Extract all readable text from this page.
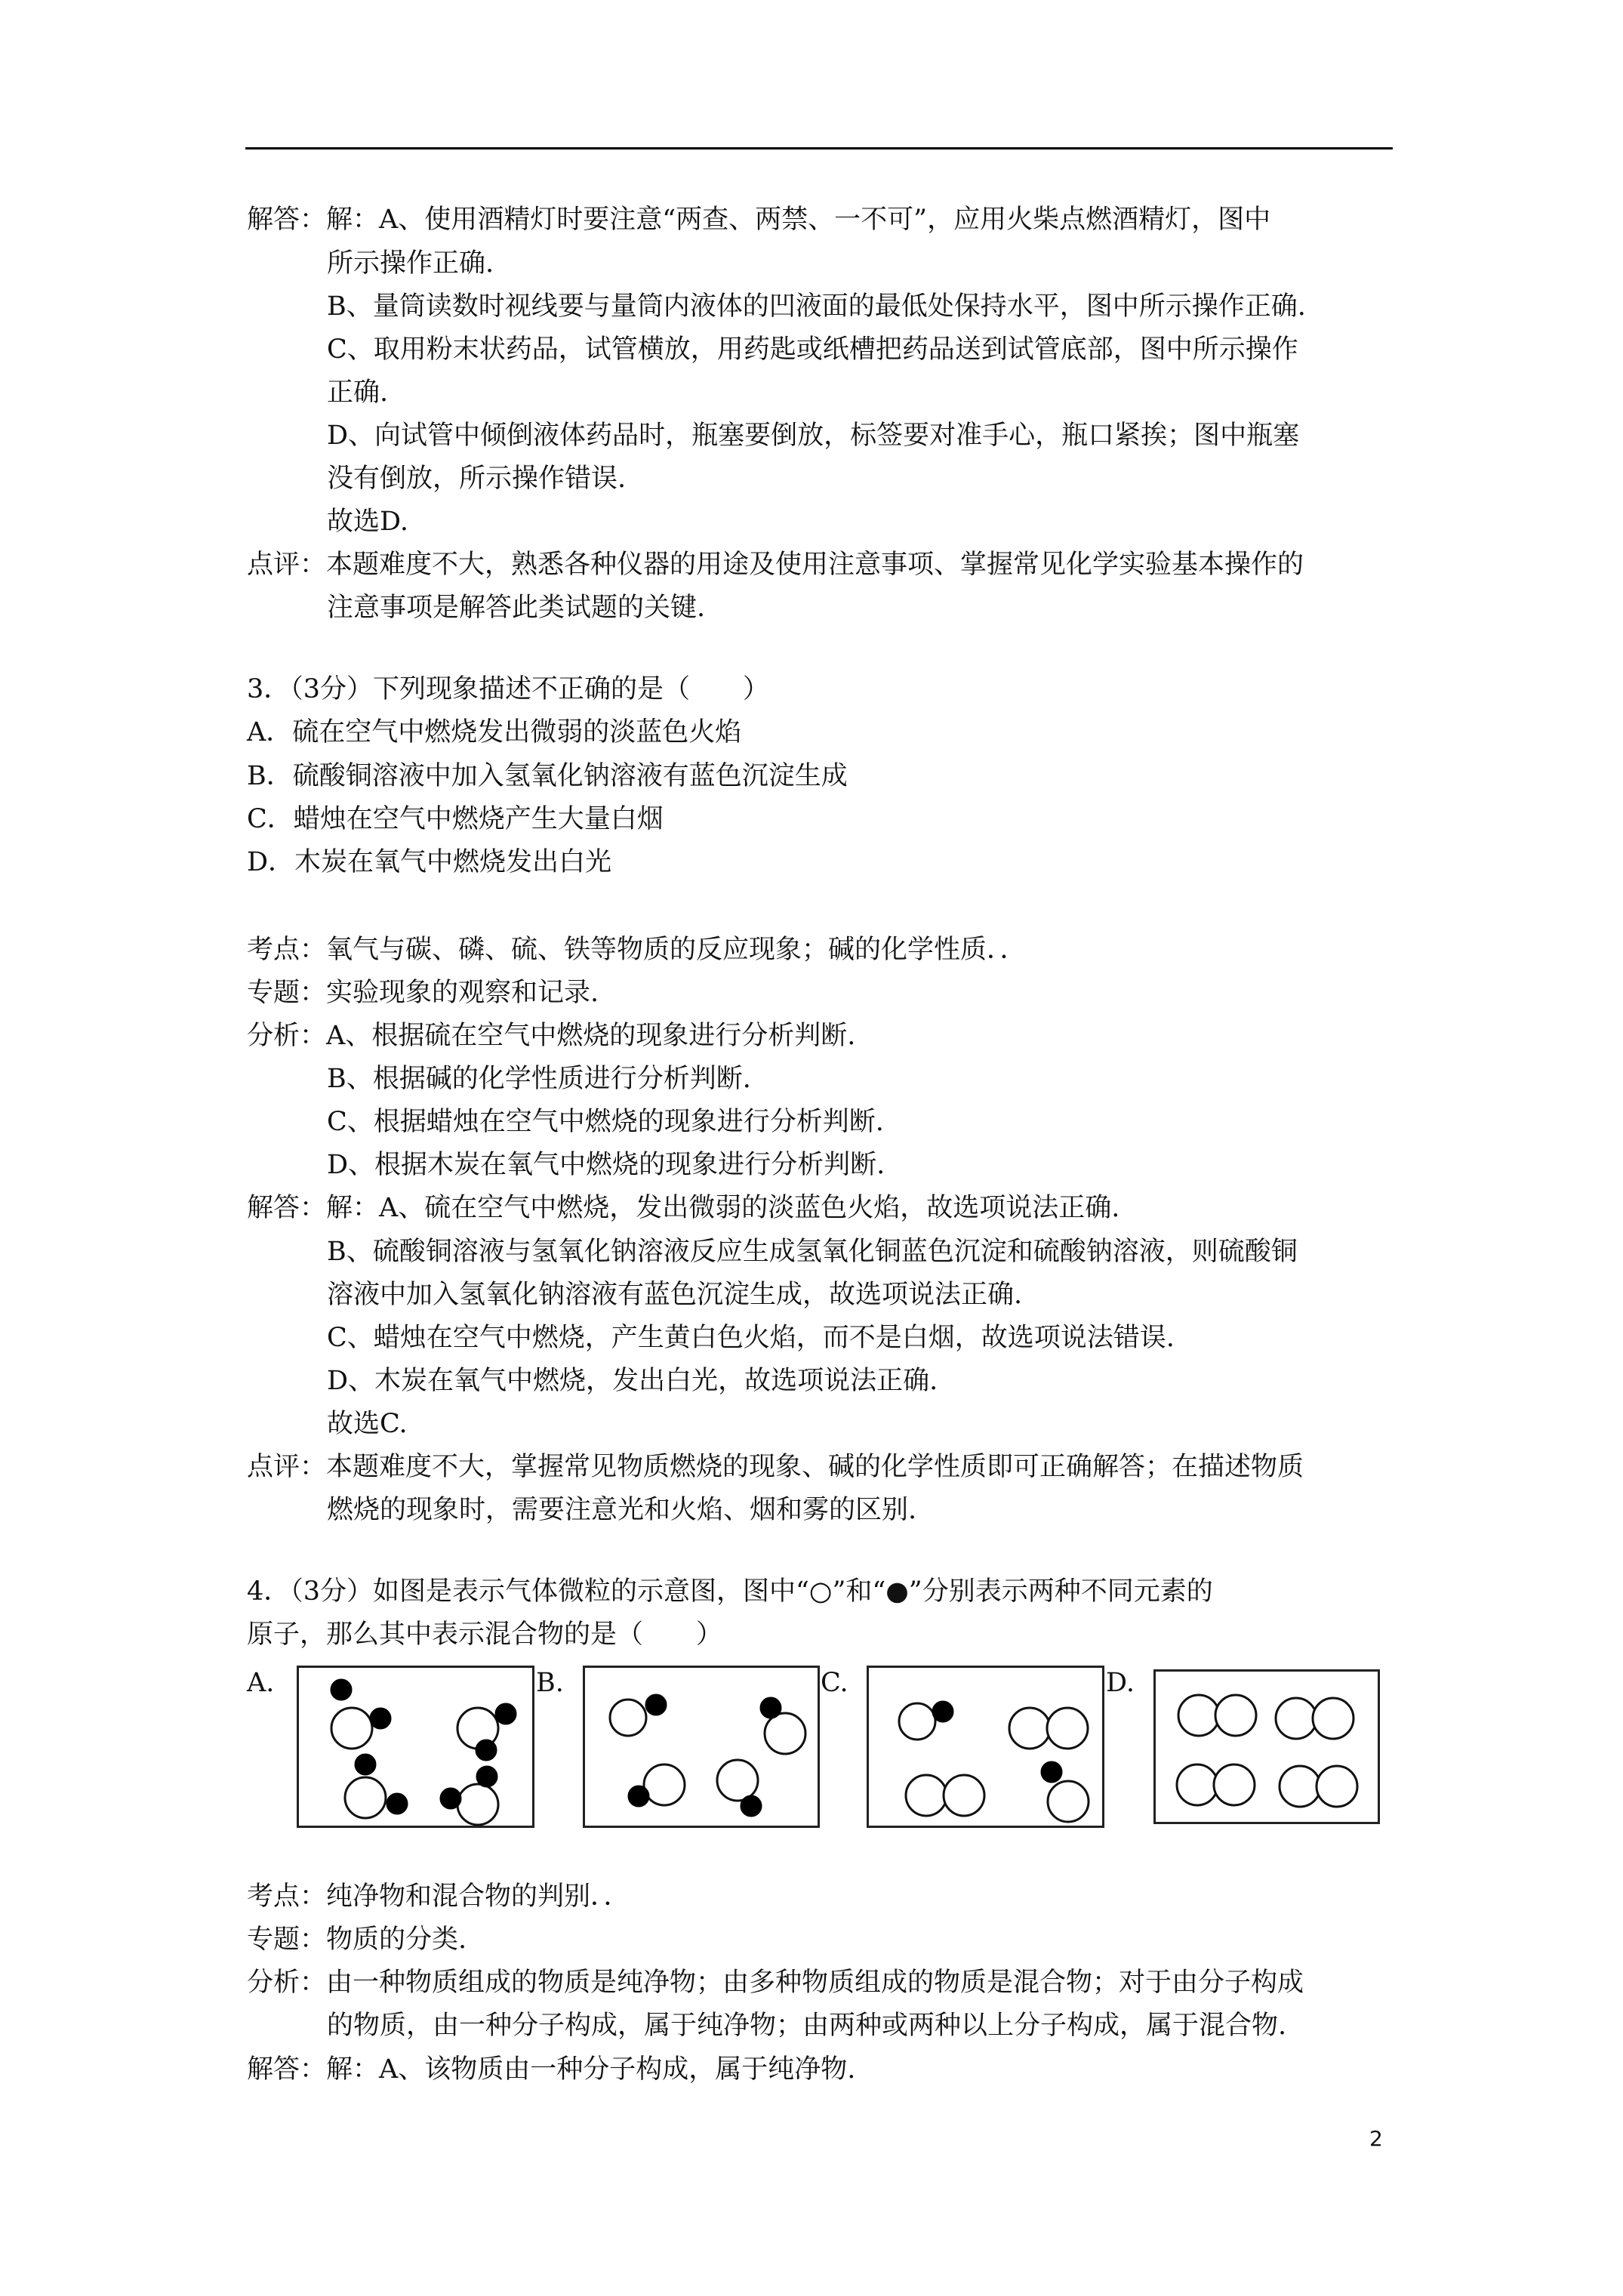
解答：解：A、使用酒精灯时要注意“两查、两禁、一不可”，应用火柴点燃酒精灯，图中
所示操作正确.
B、量筒读数时视线要与量筒内液体的凹液面的最低处保持水平，图中所示操作正确.
C、取用粉末状药品，试管横放，用药匙或纸槽把药品送到试管底部，图中所示操作
正确.
D、向试管中倾倒液体药品时，瓶塞要倒放，标签要对准手心，瓶口紧挨；图中瓶塞
没有倒放，所示操作错误.
故选D.
点评：本题难度不大，熟悉各种仪器的用途及使用注意事项、掌握常见化学实验基本操作的
注意事项是解答此类试题的关键.
3．（3分）下列现象描述不正确的是（　　）
A．硫在空气中燃烧发出微弱的淡蓝色火焰
B．硫酸铜溶液中加入氢氧化钠溶液有蓝色沉淀生成
C．蜡烛在空气中燃烧产生大量白烟
D．木炭在氧气中燃烧发出白光
考点：氧气与碳、磷、硫、铁等物质的反应现象；碱的化学性质．．
专题：实验现象的观察和记录.
分析：A、根据硫在空气中燃烧的现象进行分析判断.
B、根据碱的化学性质进行分析判断.
C、根据蜡烛在空气中燃烧的现象进行分析判断.
D、根据木炭在氧气中燃烧的现象进行分析判断.
解答：解：A、硫在空气中燃烧，发出微弱的淡蓝色火焰，故选项说法正确.
B、硫酸铜溶液与氢氧化钠溶液反应生成氢氧化铜蓝色沉淀和硫酸钠溶液，则硫酸铜
溶液中加入氢氧化钠溶液有蓝色沉淀生成，故选项说法正确.
C、蜡烛在空气中燃烧，产生黄白色火焰，而不是白烟，故选项说法错误.
D、木炭在氧气中燃烧，发出白光，故选项说法正确.
故选C.
点评：本题难度不大，掌握常见物质燃烧的现象、碱的化学性质即可正确解答；在描述物质
燃烧的现象时，需要注意光和火焰、烟和雾的区别.
4．（3分）如图是表示气体微粒的示意图，图中“○”和“●”分别表示两种不同元素的
原子，那么其中表示混合物的是（　　）
A.	B.	C.	D.
考点：纯净物和混合物的判别．．
专题：物质的分类.
分析：由一种物质组成的物质是纯净物；由多种物质组成的物质是混合物；对于由分子构成
的物质，由一种分子构成，属于纯净物；由两种或两种以上分子构成，属于混合物.
解答：解：A、该物质由一种分子构成，属于纯净物.
2
